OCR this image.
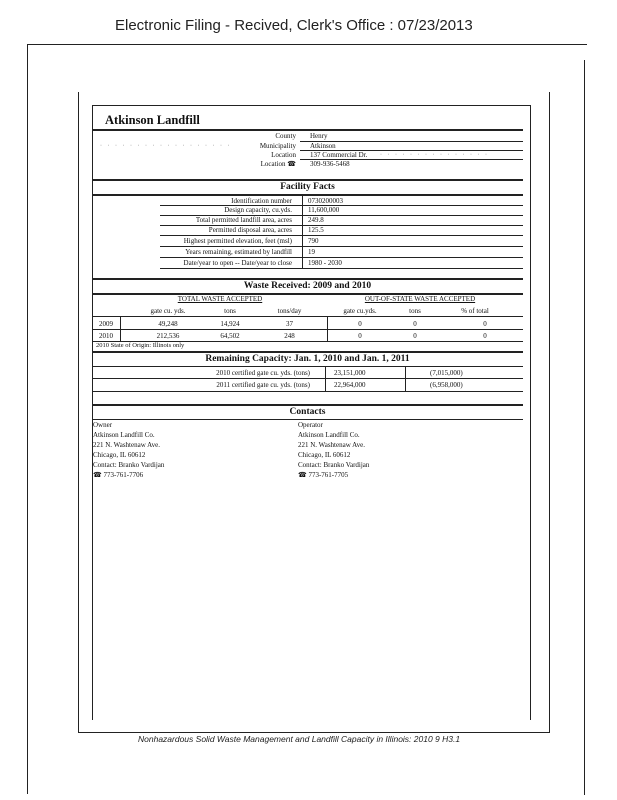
Electronic Filing - Recived, Clerk's Office : 07/23/2013
Atkinson Landfill
County Henry
Municipality Atkinson
Location 137 Commercial Dr.
Location ☎ 309-936-5468
· · · · · · · · · · · · · · · · · ·
· · · · · · · · · · · · · · ·
Facility Facts
Identification number 0730200003
Design capacity, cu.yds. 11,600,000
Total permitted landfill area, acres 249.8
Permitted disposal area, acres 125.5
Highest permitted elevation, feet (msl) 790
Years remaining, estimated by landfill 19
Date/year to open -- Date/year to close 1980 - 2030
Waste Received: 2009 and 2010
TOTAL WASTE ACCEPTED	OUT-OF-STATE WASTE ACCEPTED
gate cu. yds.	tons	tons/day	gate cu.yds.	tons	% of total
2009	49,248	14,924	37	0	0	0
2010	212,536	64,502	248	0	0	0
2010 State of Origin: Illinois only
Remaining Capacity: Jan. 1, 2010 and Jan. 1, 2011
2010 certified gate cu. yds. (tons)	23,151,000	(7,015,000)
2011 certified gate cu. yds. (tons)	22,964,000	(6,958,000)
Contacts
Owner
Atkinson Landfill Co.
221 N. Washtenaw Ave.
Chicago, IL 60612
Contact: Branko Vardijan
☎ 773-761-7706
Operator
Atkinson Landfill Co.
221 N. Washtenaw Ave.
Chicago, IL 60612
Contact: Branko Vardijan
☎ 773-761-7705
Nonhazardous Solid Waste Management and Landfill Capacity in Illinois: 2010 9 H3.1
